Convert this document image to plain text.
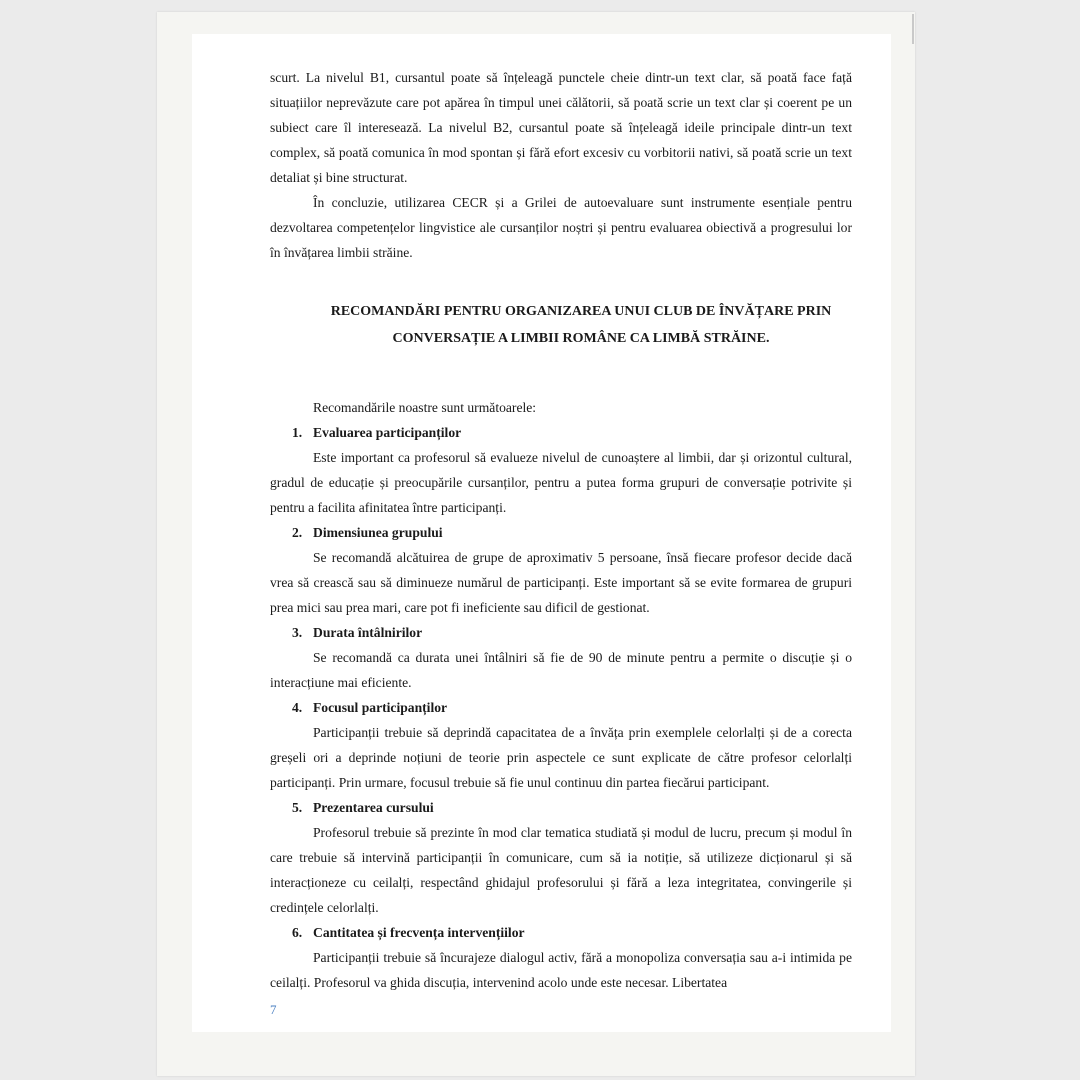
scurt. La nivelul B1, cursantul poate să înțeleagă punctele cheie dintr-un text clar, să poată face față situațiilor neprevăzute care pot apărea în timpul unei călătorii, să poată scrie un text clar și coerent pe un subiect care îl interesează. La nivelul B2, cursantul poate să înțeleagă ideile principale dintr-un text complex, să poată comunica în mod spontan și fără efort excesiv cu vorbitorii nativi, să poată scrie un text detaliat și bine structurat.

În concluzie, utilizarea CECR și a Grilei de autoevaluare sunt instrumente esențiale pentru dezvoltarea competențelor lingvistice ale cursanților noștri și pentru evaluarea obiectivă a progresului lor în învățarea limbii străine.

RECOMANDĂRI PENTRU ORGANIZAREA UNUI CLUB DE ÎNVĂȚARE PRIN
CONVERSAȚIE A LIMBII ROMÂNE CA LIMBĂ STRĂINE.

Recomandările noastre sunt următoarele:

1. Evaluarea participanților

Este important ca profesorul să evalueze nivelul de cunoaștere al limbii, dar și orizontul cultural, gradul de educație și preocupările cursanților, pentru a putea forma grupuri de conversație potrivite și pentru a facilita afinitatea între participanți.

2. Dimensiunea grupului

Se recomandă alcătuirea de grupe de aproximativ 5 persoane, însă fiecare profesor decide dacă vrea să crească sau să diminueze numărul de participanți. Este important să se evite formarea de grupuri prea mici sau prea mari, care pot fi ineficiente sau dificil de gestionat.

3. Durata întâlnirilor

Se recomandă ca durata unei întâlniri să fie de 90 de minute pentru a permite o discuție și o interacțiune mai eficiente.

4. Focusul participanților

Participanții trebuie să deprindă capacitatea de a învăța prin exemplele celorlalți și de a corecta greșeli ori a deprinde noțiuni de teorie prin aspectele ce sunt explicate de către profesor celorlalți participanți. Prin urmare, focusul trebuie să fie unul continuu din partea fiecărui participant.

5. Prezentarea cursului

Profesorul trebuie să prezinte în mod clar tematica studiată și modul de lucru, precum și modul în care trebuie să intervină participanții în comunicare, cum să ia notiție, să utilizeze dicționarul și să interacționeze cu ceilalți, respectând ghidajul profesorului și fără a leza integritatea, convingerile și credințele celorlalți.

6. Cantitatea și frecvența intervențiilor

Participanții trebuie să încurajeze dialogul activ, fără a monopoliza conversația sau a-i intimida pe ceilalți. Profesorul va ghida discuția, intervenind acolo unde este necesar. Libertatea

7
